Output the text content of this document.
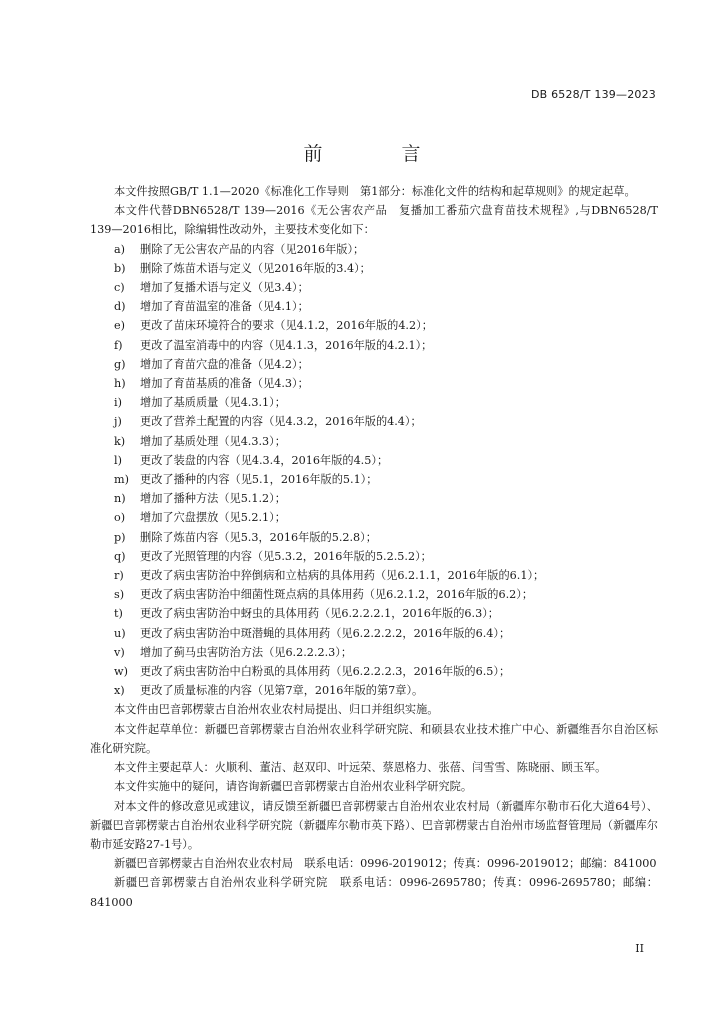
DB 6528/T 139—2023
前　言

本文件按照GB/T 1.1—2020《标准化工作导则　第1部分：标准化文件的结构和起草规则》的规定起草。

本文件代替DBN6528/T 139—2016《无公害农产品　复播加工番茄穴盘育苗技术规程》,与DBN6528/T 139—2016相比，除编辑性改动外，主要技术变化如下：

a)	删除了无公害农产品的内容（见2016年版）；
b)	删除了炼苗术语与定义（见2016年版的3.4）；
c)	增加了复播术语与定义（见3.4）；
d)	增加了育苗温室的准备（见4.1）；
e)	更改了苗床环境符合的要求（见4.1.2，2016年版的4.2）；
f)	更改了温室消毒中的内容（见4.1.3，2016年版的4.2.1）；
g)	增加了育苗穴盘的准备（见4.2）；
h)	增加了育苗基质的准备（见4.3）；
i)	增加了基质质量（见4.3.1）；
j)	更改了营养土配置的内容（见4.3.2，2016年版的4.4）；
k)	增加了基质处理（见4.3.3）；
l)	更改了装盘的内容（见4.3.4，2016年版的4.5）；
m) 更改了播种的内容（见5.1，2016年版的5.1）；
n)	增加了播种方法（见5.1.2）；
o)	增加了穴盘摆放（见5.2.1）；
p)	删除了炼苗内容（见5.3，2016年版的5.2.8）；
q)	更改了光照管理的内容（见5.3.2，2016年版的5.2.5.2）；
r)	更改了病虫害防治中猝倒病和立枯病的具体用药（见6.2.1.1，2016年版的6.1）；
s)	更改了病虫害防治中细菌性斑点病的具体用药（见6.2.1.2，2016年版的6.2）；
t)	更改了病虫害防治中蚜虫的具体用药（见6.2.2.2.1，2016年版的6.3）；
u)	更改了病虫害防治中斑潜蝇的具体用药（见6.2.2.2.2，2016年版的6.4）；
v)	增加了蓟马虫害防治方法（见6.2.2.2.3）；
w)	更改了病虫害防治中白粉虱的具体用药（见6.2.2.2.3，2016年版的6.5）；
x)	更改了质量标准的内容（见第7章，2016年版的第7章）。

本文件由巴音郭楞蒙古自治州农业农村局提出、归口并组织实施。

本文件起草单位：新疆巴音郭楞蒙古自治州农业科学研究院、和硕县农业技术推广中心、新疆维吾尔自治区标准化研究院。

本文件主要起草人：火顺利、董洁、赵双印、叶远荣、蔡恩格力、张蓓、闫雪雪、陈晓丽、顾玉军。

本文件实施中的疑问，请咨询新疆巴音郭楞蒙古自治州农业科学研究院。

对本文件的修改意见或建议，请反馈至新疆巴音郭楞蒙古自治州农业农村局（新疆库尔勒市石化大道64号）、新疆巴音郭楞蒙古自治州农业科学研究院（新疆库尔勒市英下路）、巴音郭楞蒙古自治州市场监督管理局（新疆库尔勒市延安路27-1号）。

新疆巴音郭楞蒙古自治州农业农村局　联系电话：0996-2019012；传真：0996-2019012；邮编：841000

新疆巴音郭楞蒙古自治州农业科学研究院　联系电话：0996-2695780；传真：0996-2695780；邮编：841000

II
